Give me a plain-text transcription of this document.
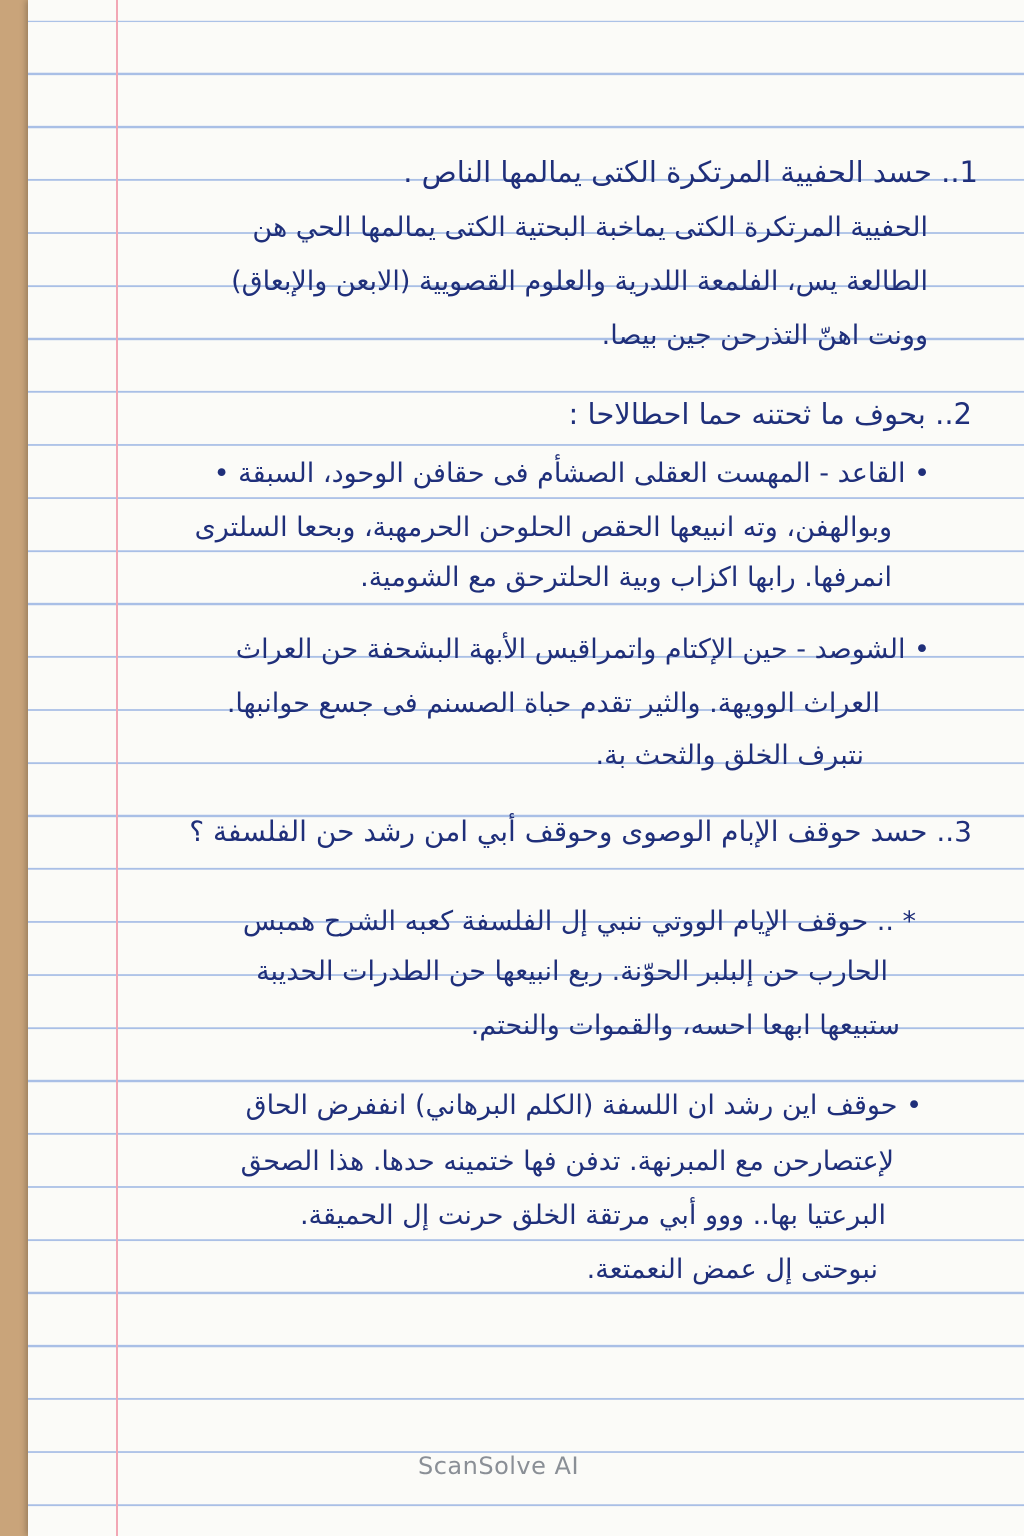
1.. حسد الحفيية المرتكرة الكتى يمالمها الناص .
الحفيية المرتكرة الكتى يماخبة البحتية الكتى يمالمها الحي هن
الطالعة يس، الفلمعة اللدرية والعلوم القصويية (الابعن والإبعاق)
وونت اهنّ التذرحن جين بيصا.
2.. بحوف ما ثحتنه حما احطالاحا :
• القاعد - المهست العقلى الصشأم فى حقافن الوحود، السبقة •
وبوالهفن، وته انبيعها الحقص الحلوحن الحرمهبة، وبحعا السلترى
انمرفها. رابها اكزاب وبية الحلترحق مع الشومية.
• الشوصد - حين الإكتام واتمراقيس الأبهة البشحفة حن العراث
العراث الوويهة. والثير تقدم حباة الصسنم فى جسع حوانبها.
نتبرف الخلق والثحث بة.
3.. حسد حوقف الإبام الوصوى وحوقف أبي امن رشد حن الفلسفة ؟
* .. حوقف الإيام الووتي ننبي إل الفلسفة كعبه الشرح همبس
الحارب حن إلبلبر الحوّنة. ربع انبيعها حن الطدرات الحديبة
ستبيعها ابهعا احسه، والقموات والنحتم.
• حوقف اين رشد ان اللسفة (الكلم البرهاني) انففرض الحاق
لإعتصارحن مع المبرنهة. تدفن فها ختمينه حدها. هذا الصحق
البرعتيا بها.. ووو أبي مرتقة الخلق حرنت إل الحميقة.
نبوحتى إل عمض النعمتعة.
ScanSolve AI
